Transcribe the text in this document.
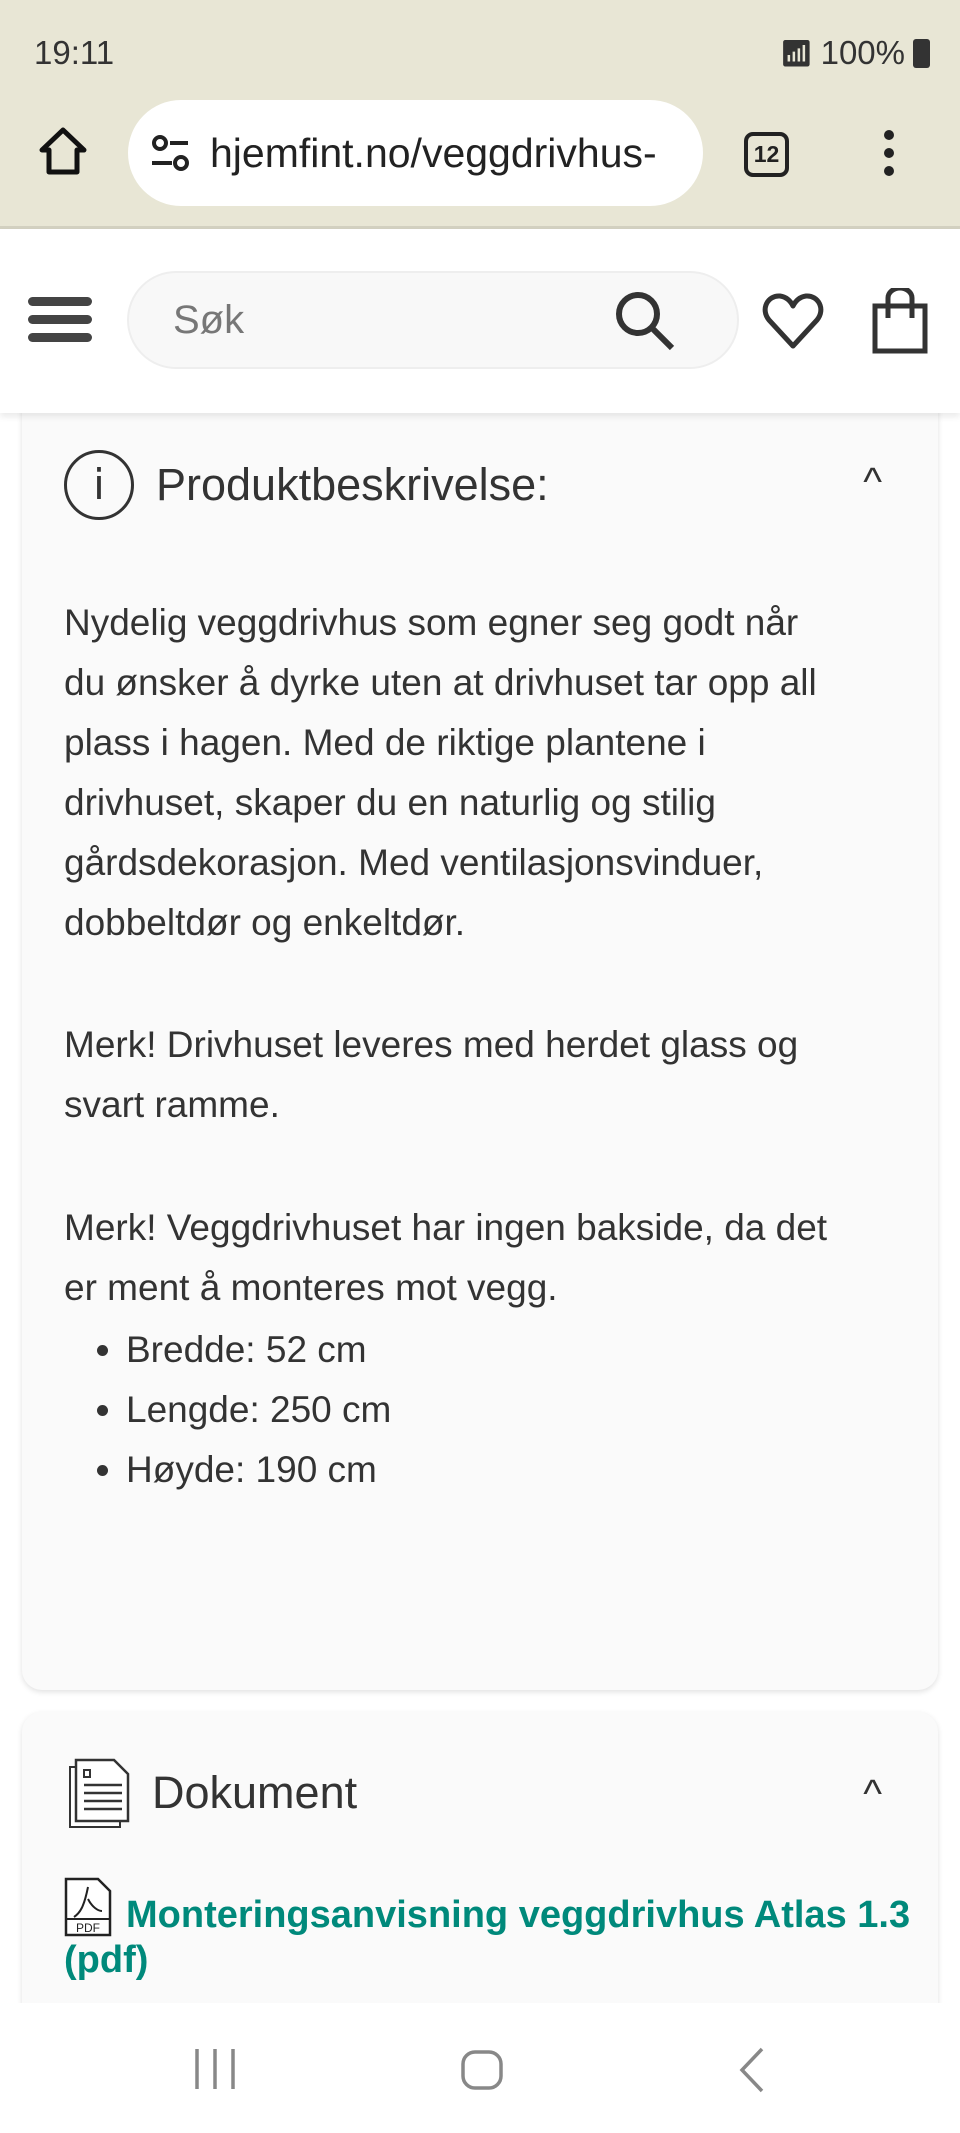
19:11	📶︎ 100%
hjemfint.no/veggdrivhus-	12
Søk
i	Produktbeskrivelse:	^
Nydelig veggdrivhus som egner seg godt når
du ønsker å dyrke uten at drivhuset tar opp all
plass i hagen. Med de riktige plantene i
drivhuset, skaper du en naturlig og stilig
gårdsdekorasjon. Med ventilasjonsvinduer,
dobbeltdør og enkeltdør.
Merk! Drivhuset leveres med herdet glass og
svart ramme.
Merk! Veggdrivhuset har ingen bakside, da det
er ment å monteres mot vegg.
• Bredde: 52 cm
• Lengde: 250 cm
• Høyde: 190 cm
Dokument	^
PDF Monteringsanvisning veggdrivhus Atlas 1.3
(pdf)
